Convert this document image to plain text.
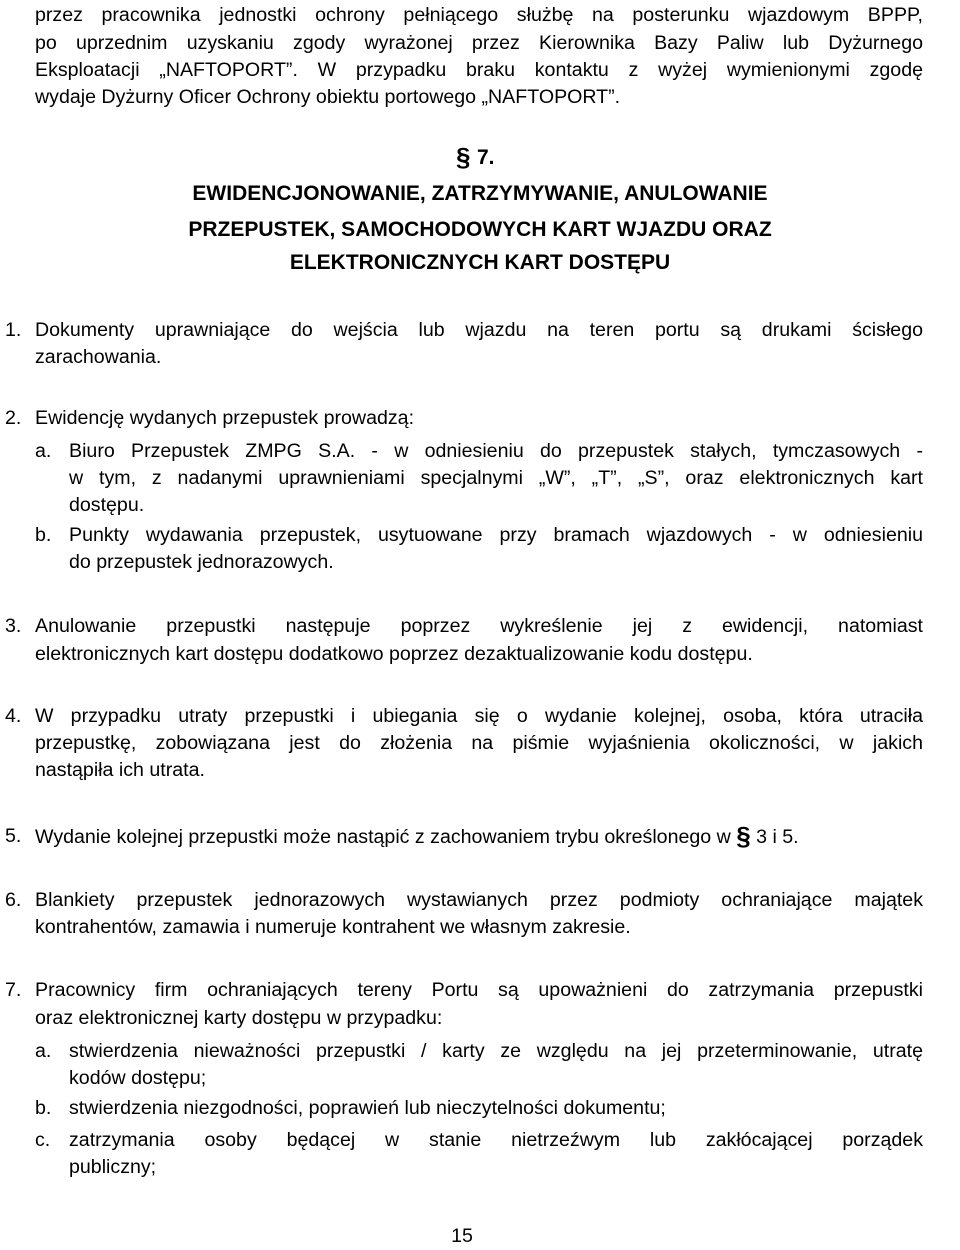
przez pracownika jednostki ochrony pełniącego służbę na posterunku wjazdowym BPPP,

po uprzednim uzyskaniu zgody wyrażonej przez Kierownika Bazy Paliw lub Dyżurnego

Eksploatacji „NAFTOPORT”. W przypadku braku kontaktu z wyżej wymienionymi zgodę

wydaje Dyżurny Oficer Ochrony obiektu portowego „NAFTOPORT”.

§ 7.
EWIDENCJONOWANIE, ZATRZYMYWANIE, ANULOWANIE
PRZEPUSTEK, SAMOCHODOWYCH KART WJAZDU ORAZ
ELEKTRONICZNYCH KART DOSTĘPU
1. Dokumenty uprawniające do wejścia lub wjazdu na teren portu są drukami ścisłego

zarachowania.

2. Ewidencję wydanych przepustek prowadzą:

a. Biuro Przepustek ZMPG S.A. - w odniesieniu do przepustek stałych, tymczasowych -

w tym, z nadanymi uprawnieniami specjalnymi „W”, „T”, „S”, oraz elektronicznych kart

dostępu.

b. Punkty wydawania przepustek, usytuowane przy bramach wjazdowych - w odniesieniu

do przepustek jednorazowych.

3. Anulowanie przepustki następuje poprzez wykreślenie jej z ewidencji, natomiast

elektronicznych kart dostępu dodatkowo poprzez dezaktualizowanie kodu dostępu.

4. W przypadku utraty przepustki i ubiegania się o wydanie kolejnej, osoba, która utraciła

przepustkę, zobowiązana jest do złożenia na piśmie wyjaśnienia okoliczności, w jakich

nastąpiła ich utrata.

5. Wydanie kolejnej przepustki może nastąpić z zachowaniem trybu określonego w § 3 i 5.

6. Blankiety przepustek jednorazowych wystawianych przez podmioty ochraniające majątek

kontrahentów, zamawia i numeruje kontrahent we własnym zakresie.

7. Pracownicy firm ochraniających tereny Portu są upoważnieni do zatrzymania przepustki

oraz elektronicznej karty dostępu w przypadku:

a. stwierdzenia nieważności przepustki / karty ze względu na jej przeterminowanie, utratę

kodów dostępu;

b. stwierdzenia niezgodności, poprawień lub nieczytelności dokumentu;

c. zatrzymania osoby będącej w stanie nietrzeźwym lub zakłócającej porządek

publiczny;

15
